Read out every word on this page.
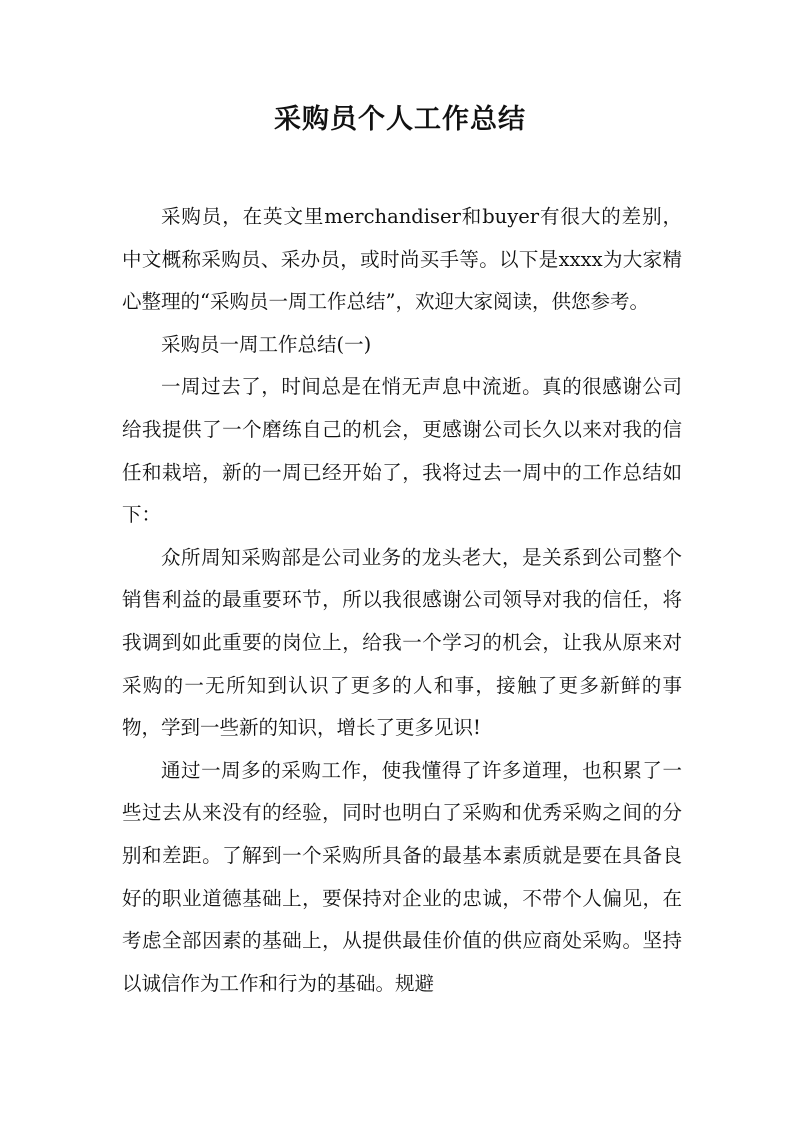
采购员个人工作总结

采购员，在英文里merchandiser和buyer有很大的差别，中文概称采购员、采办员，或时尚买手等。以下是xxxx为大家精心整理的“采购员一周工作总结”，欢迎大家阅读，供您参考。

采购员一周工作总结(一)

一周过去了，时间总是在悄无声息中流逝。真的很感谢公司给我提供了一个磨练自己的机会，更感谢公司长久以来对我的信任和栽培，新的一周已经开始了，我将过去一周中的工作总结如下：

众所周知采购部是公司业务的龙头老大，是关系到公司整个销售利益的最重要环节，所以我很感谢公司领导对我的信任，将我调到如此重要的岗位上，给我一个学习的机会，让我从原来对采购的一无所知到认识了更多的人和事，接触了更多新鲜的事物，学到一些新的知识，增长了更多见识!

通过一周多的采购工作，使我懂得了许多道理，也积累了一些过去从来没有的经验，同时也明白了采购和优秀采购之间的分别和差距。了解到一个采购所具备的最基本素质就是要在具备良好的职业道德基础上，要保持对企业的忠诚，不带个人偏见，在考虑全部因素的基础上，从提供最佳价值的供应商处采购。坚持以诚信作为工作和行为的基础。规避
